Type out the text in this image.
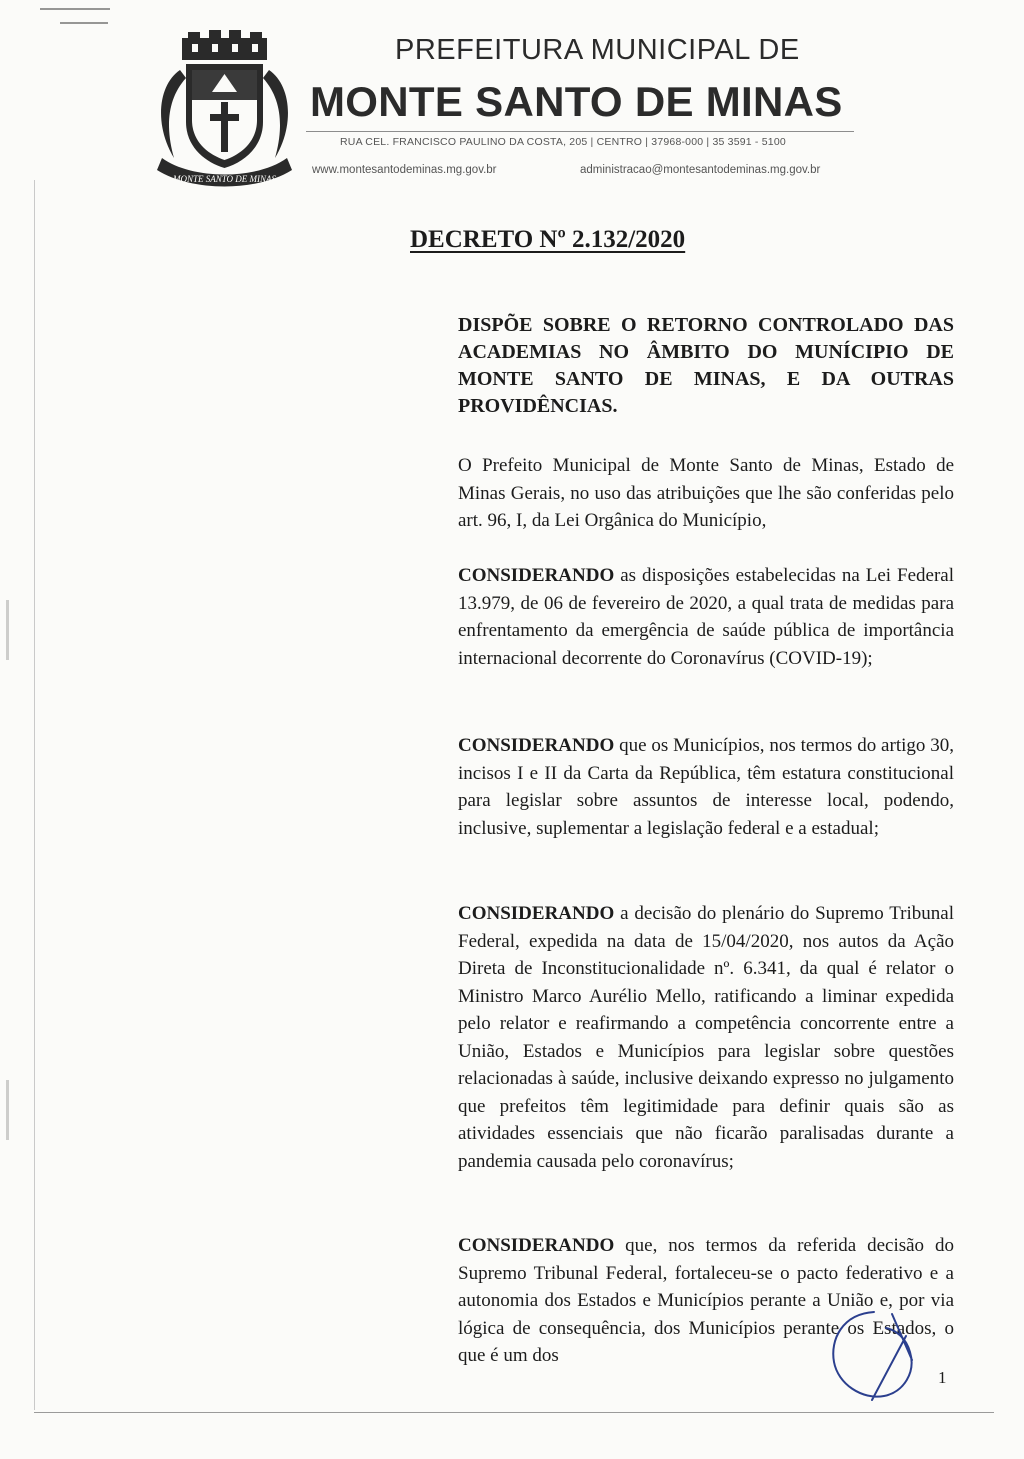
MONTE SANTO DE MINAS
PREFEITURA MUNICIPAL DE
MONTE SANTO DE MINAS
RUA CEL. FRANCISCO PAULINO DA COSTA, 205 | CENTRO | 37968-000 | 35 3591 - 5100
www.montesantodeminas.mg.gov.br	administracao@montesantodeminas.mg.gov.br
DECRETO Nº 2.132/2020
DISPÕE SOBRE O RETORNO CONTROLADO DAS ACADEMIAS NO ÂMBITO DO MUNÍCIPIO DE MONTE SANTO DE MINAS, E DA OUTRAS PROVIDÊNCIAS.
O Prefeito Municipal de Monte Santo de Minas, Estado de Minas Gerais, no uso das atribuições que lhe são conferidas pelo art. 96, I, da Lei Orgânica do Município,
CONSIDERANDO as disposições estabelecidas na Lei Federal 13.979, de 06 de fevereiro de 2020, a qual trata de medidas para enfrentamento da emergência de saúde pública de importância internacional decorrente do Coronavírus (COVID-19);
CONSIDERANDO que os Municípios, nos termos do artigo 30, incisos I e II da Carta da República, têm estatura constitucional para legislar sobre assuntos de interesse local, podendo, inclusive, suplementar a legislação federal e a estadual;
CONSIDERANDO a decisão do plenário do Supremo Tribunal Federal, expedida na data de 15/04/2020, nos autos da Ação Direta de Inconstitucionalidade nº. 6.341, da qual é relator o Ministro Marco Aurélio Mello, ratificando a liminar expedida pelo relator e reafirmando a competência concorrente entre a União, Estados e Municípios para legislar sobre questões relacionadas à saúde, inclusive deixando expresso no julgamento que prefeitos têm legitimidade para definir quais são as atividades essenciais que não ficarão paralisadas durante a pandemia causada pelo coronavírus;
CONSIDERANDO que, nos termos da referida decisão do Supremo Tribunal Federal, fortaleceu-se o pacto federativo e a autonomia dos Estados e Municípios perante a União e, por via lógica de consequência, dos Municípios perante os Estados, o que é um dos
1
